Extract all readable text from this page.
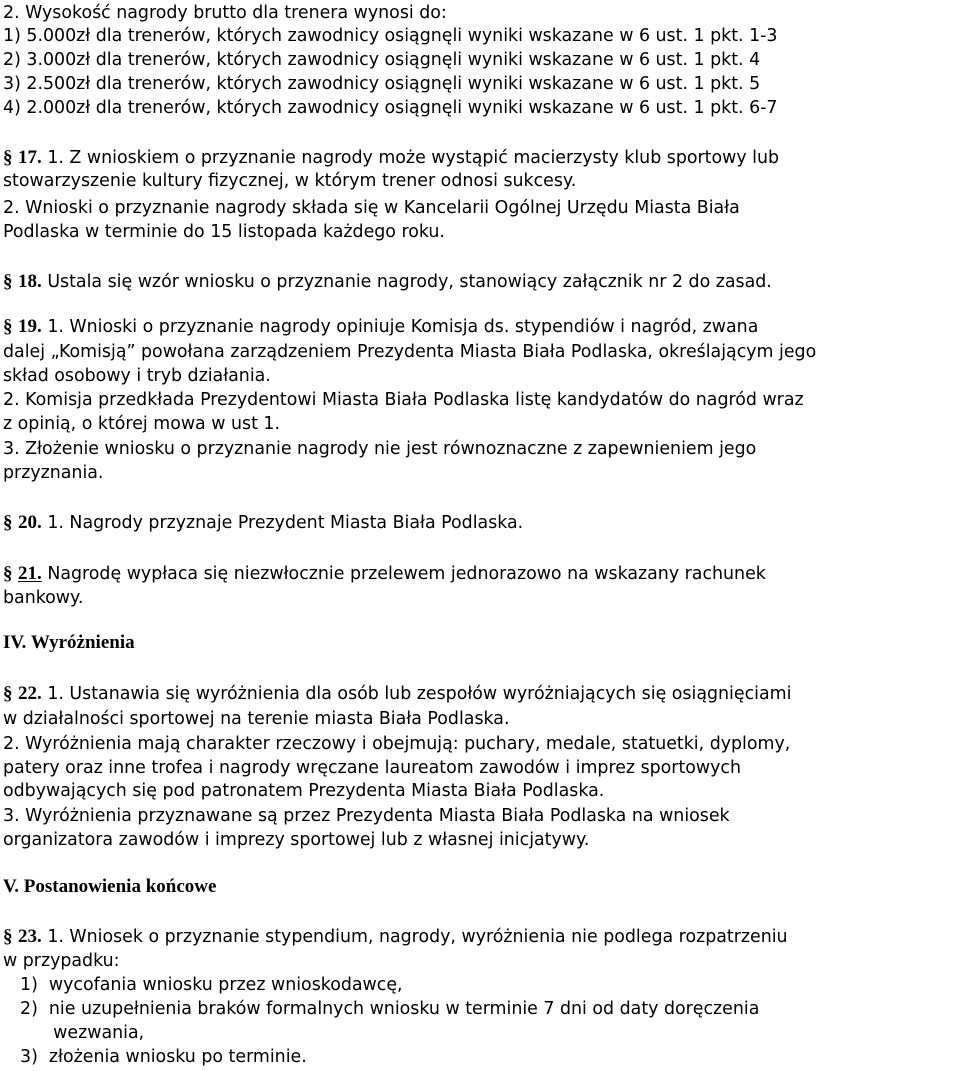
2. Wysokość nagrody brutto dla trenera wynosi do:
1) 5.000zł dla trenerów, których zawodnicy osiągnęli wyniki wskazane w 6 ust. 1 pkt. 1-3
2) 3.000zł dla trenerów, których zawodnicy osiągnęli wyniki wskazane w 6 ust. 1 pkt. 4
3) 2.500zł dla trenerów, których zawodnicy osiągnęli wyniki wskazane w 6 ust. 1 pkt. 5
4) 2.000zł dla trenerów, których zawodnicy osiągnęli wyniki wskazane w 6 ust. 1 pkt. 6-7
§ 17. 1. Z wnioskiem o przyznanie nagrody może wystąpić macierzysty klub sportowy lub
stowarzyszenie kultury fizycznej, w którym trener odnosi sukcesy.
2. Wnioski o przyznanie nagrody składa się w Kancelarii Ogólnej Urzędu Miasta Biała
Podlaska w terminie do 15 listopada każdego roku.
§ 18. Ustala się wzór wniosku o przyznanie nagrody, stanowiący załącznik nr 2 do zasad.
§ 19. 1. Wnioski o przyznanie nagrody opiniuje Komisja ds. stypendiów i nagród, zwana
dalej „Komisją” powołana zarządzeniem Prezydenta Miasta Biała Podlaska, określającym jego
skład osobowy i tryb działania.
2. Komisja przedkłada Prezydentowi Miasta Biała Podlaska listę kandydatów do nagród wraz
z opinią, o której mowa w ust 1.
3. Złożenie wniosku o przyznanie nagrody nie jest równoznaczne z zapewnieniem jego
przyznania.
§ 20. 1. Nagrody przyznaje Prezydent Miasta Biała Podlaska.
§ 21. Nagrodę wypłaca się niezwłocznie przelewem jednorazowo na wskazany rachunek
bankowy.
IV. Wyróżnienia
§ 22. 1. Ustanawia się wyróżnienia dla osób lub zespołów wyróżniających się osiągnięciami
w działalności sportowej na terenie miasta Biała Podlaska.
2. Wyróżnienia mają charakter rzeczowy i obejmują: puchary, medale, statuetki, dyplomy,
patery oraz inne trofea i nagrody wręczane laureatom zawodów i imprez sportowych
odbywających się pod patronatem Prezydenta Miasta Biała Podlaska.
3. Wyróżnienia przyznawane są przez Prezydenta Miasta Biała Podlaska na wniosek
organizatora zawodów i imprezy sportowej lub z własnej inicjatywy.
V. Postanowienia końcowe
§ 23. 1. Wniosek o przyznanie stypendium, nagrody, wyróżnienia nie podlega rozpatrzeniu
w przypadku:
1)  wycofania wniosku przez wnioskodawcę,
2)  nie uzupełnienia braków formalnych wniosku w terminie 7 dni od daty doręczenia
wezwania,
3)  złożenia wniosku po terminie.
